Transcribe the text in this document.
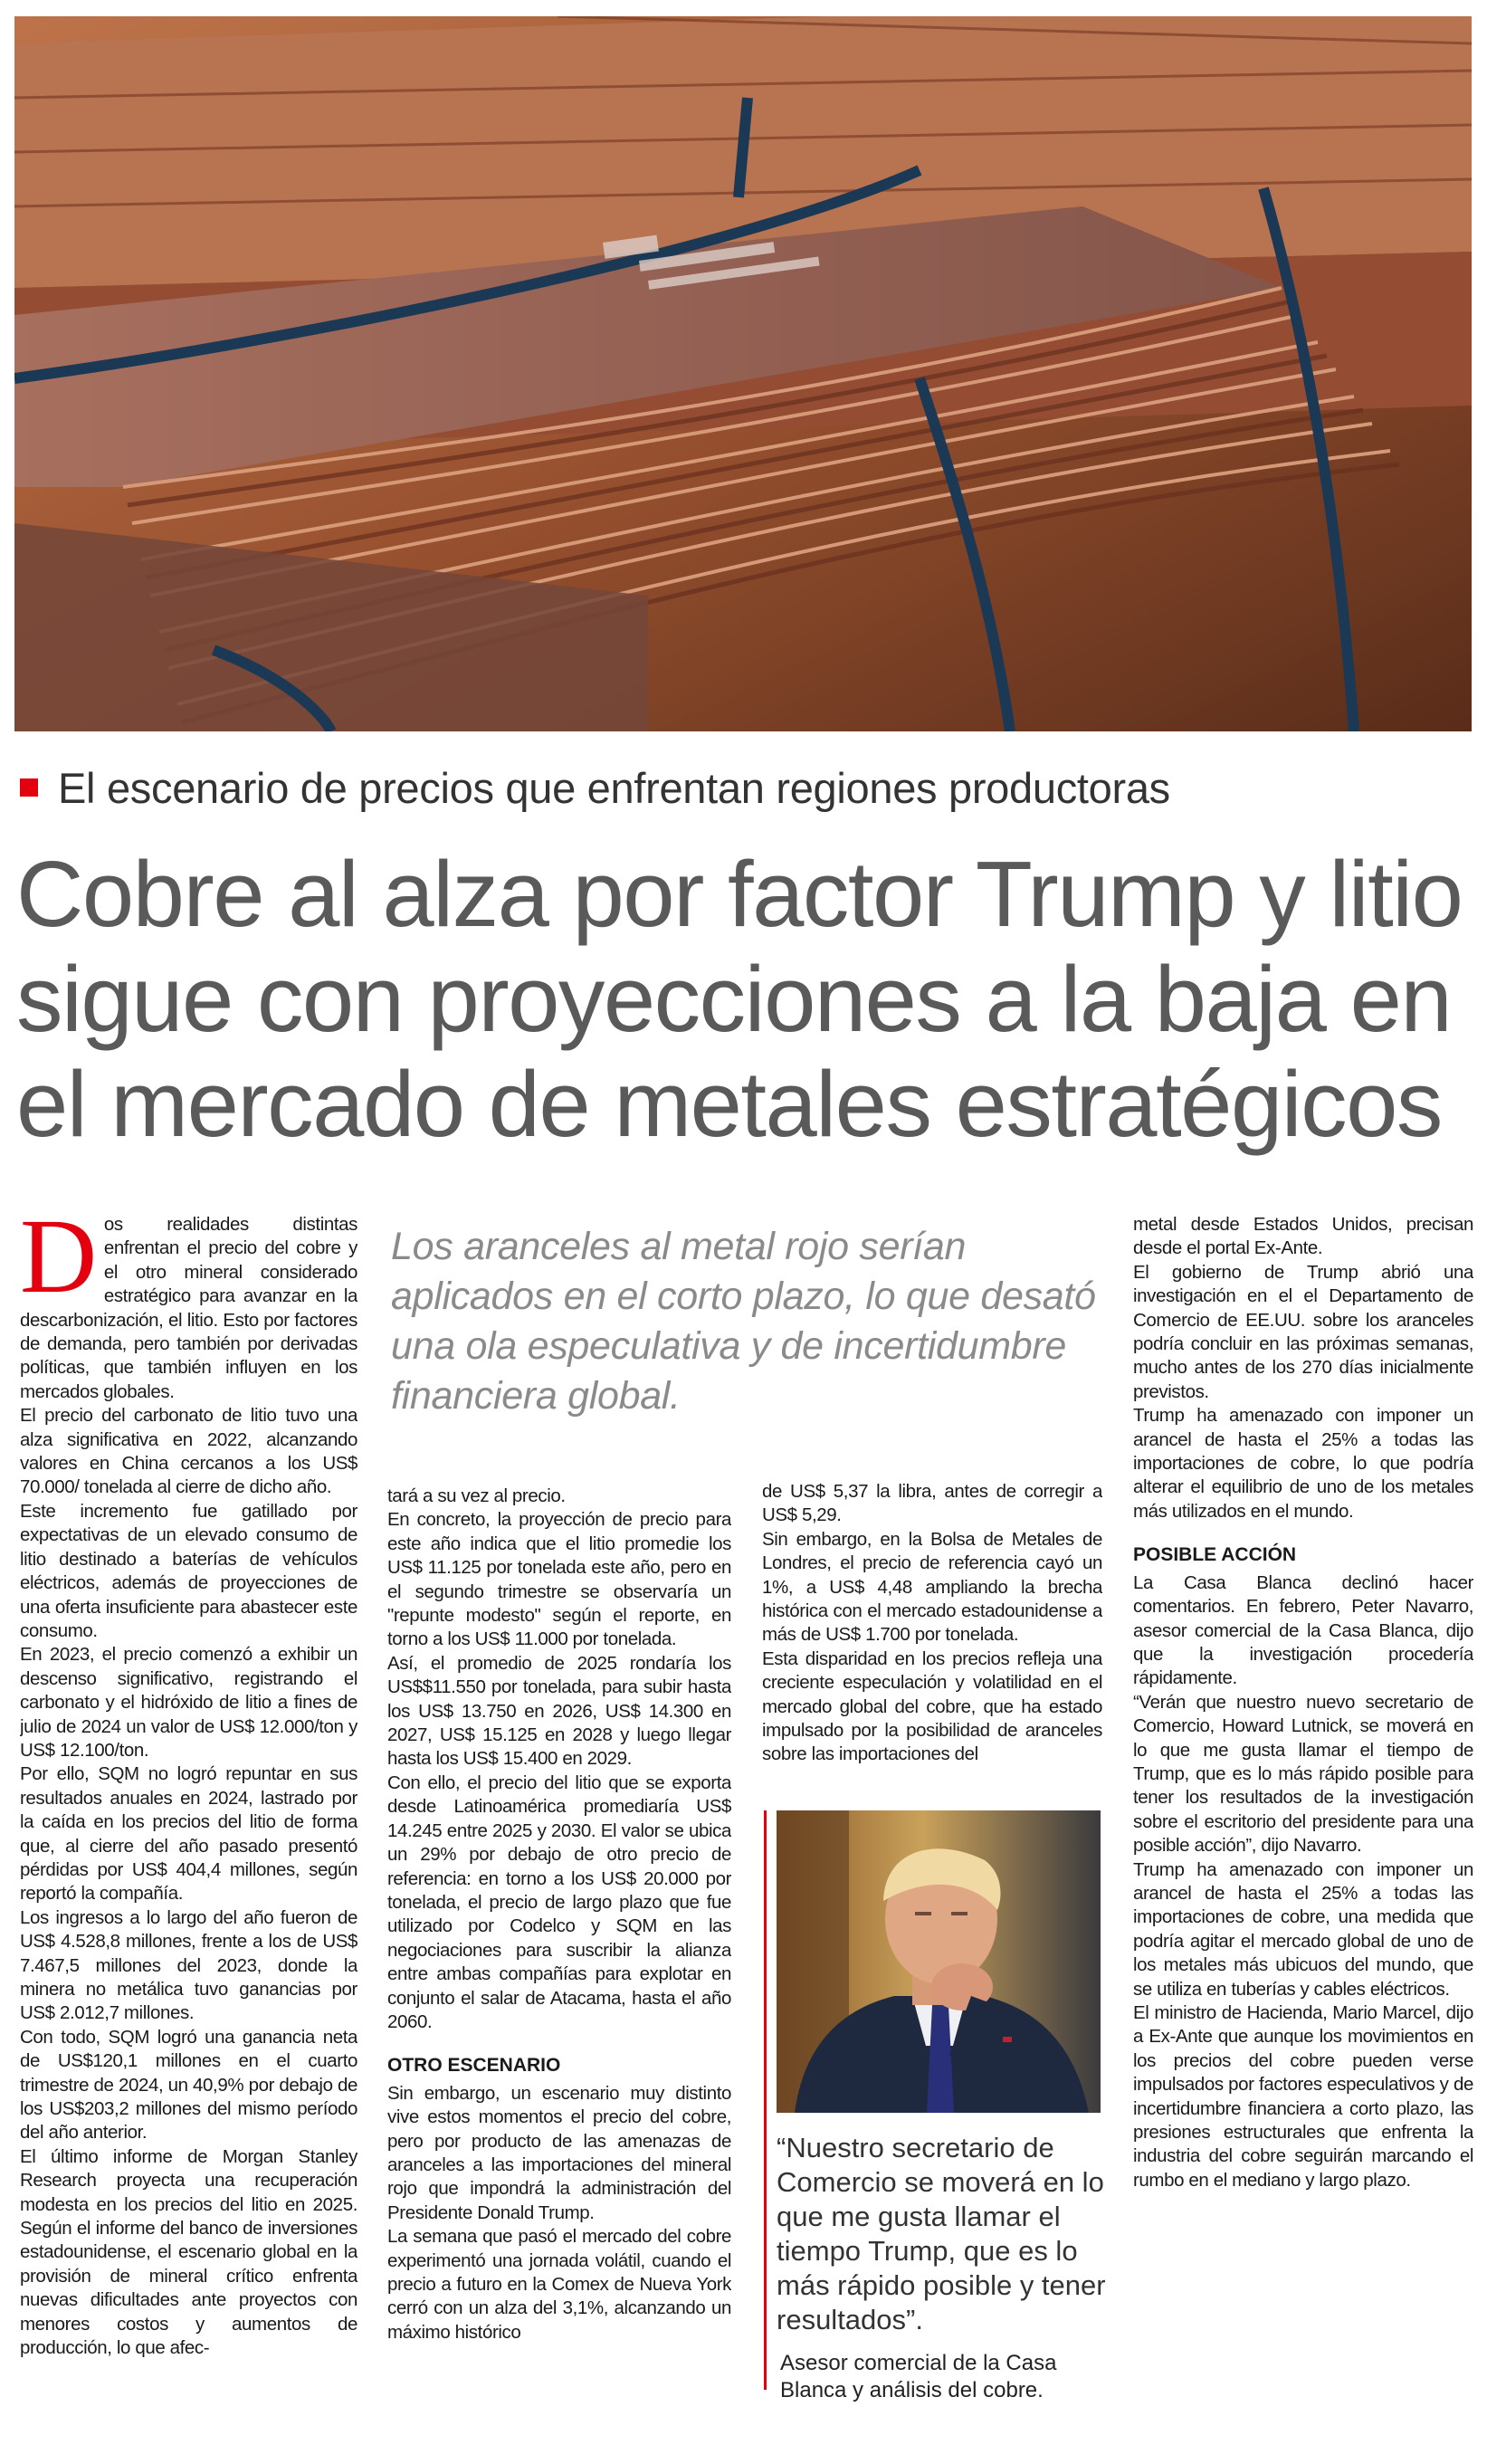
El escenario de precios que enfrentan regiones productoras
Cobre al alza por factor Trump y litio
sigue con proyecciones a la baja en
el mercado de metales estratégicos
D os realidades distintas enfrentan el precio del cobre y el otro mineral considerado estratégico para avanzar en la descarbonización, el litio. Esto por factores de demanda, pero también por derivadas políticas, que también influyen en los mercados globales.

El precio del carbonato de litio tuvo una alza significativa en 2022, alcanzando valores en China cercanos a los US$ 70.000/ tonelada al cierre de dicho año.

Este incremento fue gatillado por expectativas de un elevado consumo de litio destinado a baterías de vehículos eléctricos, además de proyecciones de una oferta insuficiente para abastecer este consumo.

En 2023, el precio comenzó a exhibir un descenso significativo, registrando el carbonato y el hidróxido de litio a fines de julio de 2024 un valor de US$ 12.000/ton y US$ 12.100/ton.

Por ello, SQM no logró repuntar en sus resultados anuales en 2024, lastrado por la caída en los precios del litio de forma que, al cierre del año pasado presentó pérdidas por US$ 404,4 millones, según reportó la compañía.

Los ingresos a lo largo del año fueron de US$ 4.528,8 millones, frente a los de US$ 7.467,5 millones del 2023, donde la minera no metálica tuvo ganancias por US$ 2.012,7 millones.

Con todo, SQM logró una ganancia neta de US$120,1 millones en el cuarto trimestre de 2024, un 40,9% por debajo de los US$203,2 millones del mismo período del año anterior.

El último informe de Morgan Stanley Research proyecta una recuperación modesta en los precios del litio en 2025. Según el informe del banco de inversiones estadounidense, el escenario global en la provisión de mineral crítico enfrenta nuevas dificultades ante proyectos con menores costos y aumentos de producción, lo que afec-

Los aranceles al metal rojo serían aplicados en el corto plazo, lo que desató una ola especulativa y de incertidumbre financiera global.

tará a su vez al precio.

En concreto, la proyección de precio para este año indica que el litio promedie los US$ 11.125 por tonelada este año, pero en el segundo trimestre se observaría un "repunte modesto" según el reporte, en torno a los US$ 11.000 por tonelada.

Así, el promedio de 2025 rondaría los US$$11.550 por tonelada, para subir hasta los US$ 13.750 en 2026, US$ 14.300 en 2027, US$ 15.125 en 2028 y luego llegar hasta los US$ 15.400 en 2029.

Con ello, el precio del litio que se exporta desde Latinoamérica promediaría US$ 14.245 entre 2025 y 2030. El valor se ubica un 29% por debajo de otro precio de referencia: en torno a los US$ 20.000 por tonelada, el precio de largo plazo que fue utilizado por Codelco y SQM en las negociaciones para suscribir la alianza entre ambas compañías para explotar en conjunto el salar de Atacama, hasta el año 2060.

OTRO ESCENARIO

Sin embargo, un escenario muy distinto vive estos momentos el precio del cobre, pero por producto de las amenazas de aranceles a las importaciones del mineral rojo que impondrá la administración del Presidente Donald Trump.

La semana que pasó el mercado del cobre experimentó una jornada volátil, cuando el precio a futuro en la Comex de Nueva York cerró con un alza del 3,1%, alcanzando un máximo histórico

de US$ 5,37 la libra, antes de corregir a US$ 5,29.

Sin embargo, en la Bolsa de Metales de Londres, el precio de referencia cayó un 1%, a US$ 4,48 ampliando la brecha histórica con el mercado estadounidense a más de US$ 1.700 por tonelada.

Esta disparidad en los precios refleja una creciente especulación y volatilidad en el mercado global del cobre, que ha estado impulsado por la posibilidad de aranceles sobre las importaciones del

“Nuestro secretario de Comercio se moverá en lo que me gusta llamar el tiempo Trump, que es lo más rápido posible y tener resultados”.
Asesor comercial de la Casa Blanca y análisis del cobre.

metal desde Estados Unidos, precisan desde el portal Ex-Ante.

El gobierno de Trump abrió una investigación en el el Departamento de Comercio de EE.UU. sobre los aranceles podría concluir en las próximas semanas, mucho antes de los 270 días inicialmente previstos.

Trump ha amenazado con imponer un arancel de hasta el 25% a todas las importaciones de cobre, lo que podría alterar el equilibrio de uno de los metales más utilizados en el mundo.

POSIBLE ACCIÓN

La Casa Blanca declinó hacer comentarios. En febrero, Peter Navarro, asesor comercial de la Casa Blanca, dijo que la investigación procedería rápidamente.

“Verán que nuestro nuevo secretario de Comercio, Howard Lutnick, se moverá en lo que me gusta llamar el tiempo de Trump, que es lo más rápido posible para tener los resultados de la investigación sobre el escritorio del presidente para una posible acción”, dijo Navarro.

Trump ha amenazado con imponer un arancel de hasta el 25% a todas las importaciones de cobre, una medida que podría agitar el mercado global de uno de los metales más ubicuos del mundo, que se utiliza en tuberías y cables eléctricos.

El ministro de Hacienda, Mario Marcel, dijo a Ex-Ante que aunque los movimientos en los precios del cobre pueden verse impulsados por factores especulativos y de incertidumbre financiera a corto plazo, las presiones estructurales que enfrenta la industria del cobre seguirán marcando el rumbo en el mediano y largo plazo.
